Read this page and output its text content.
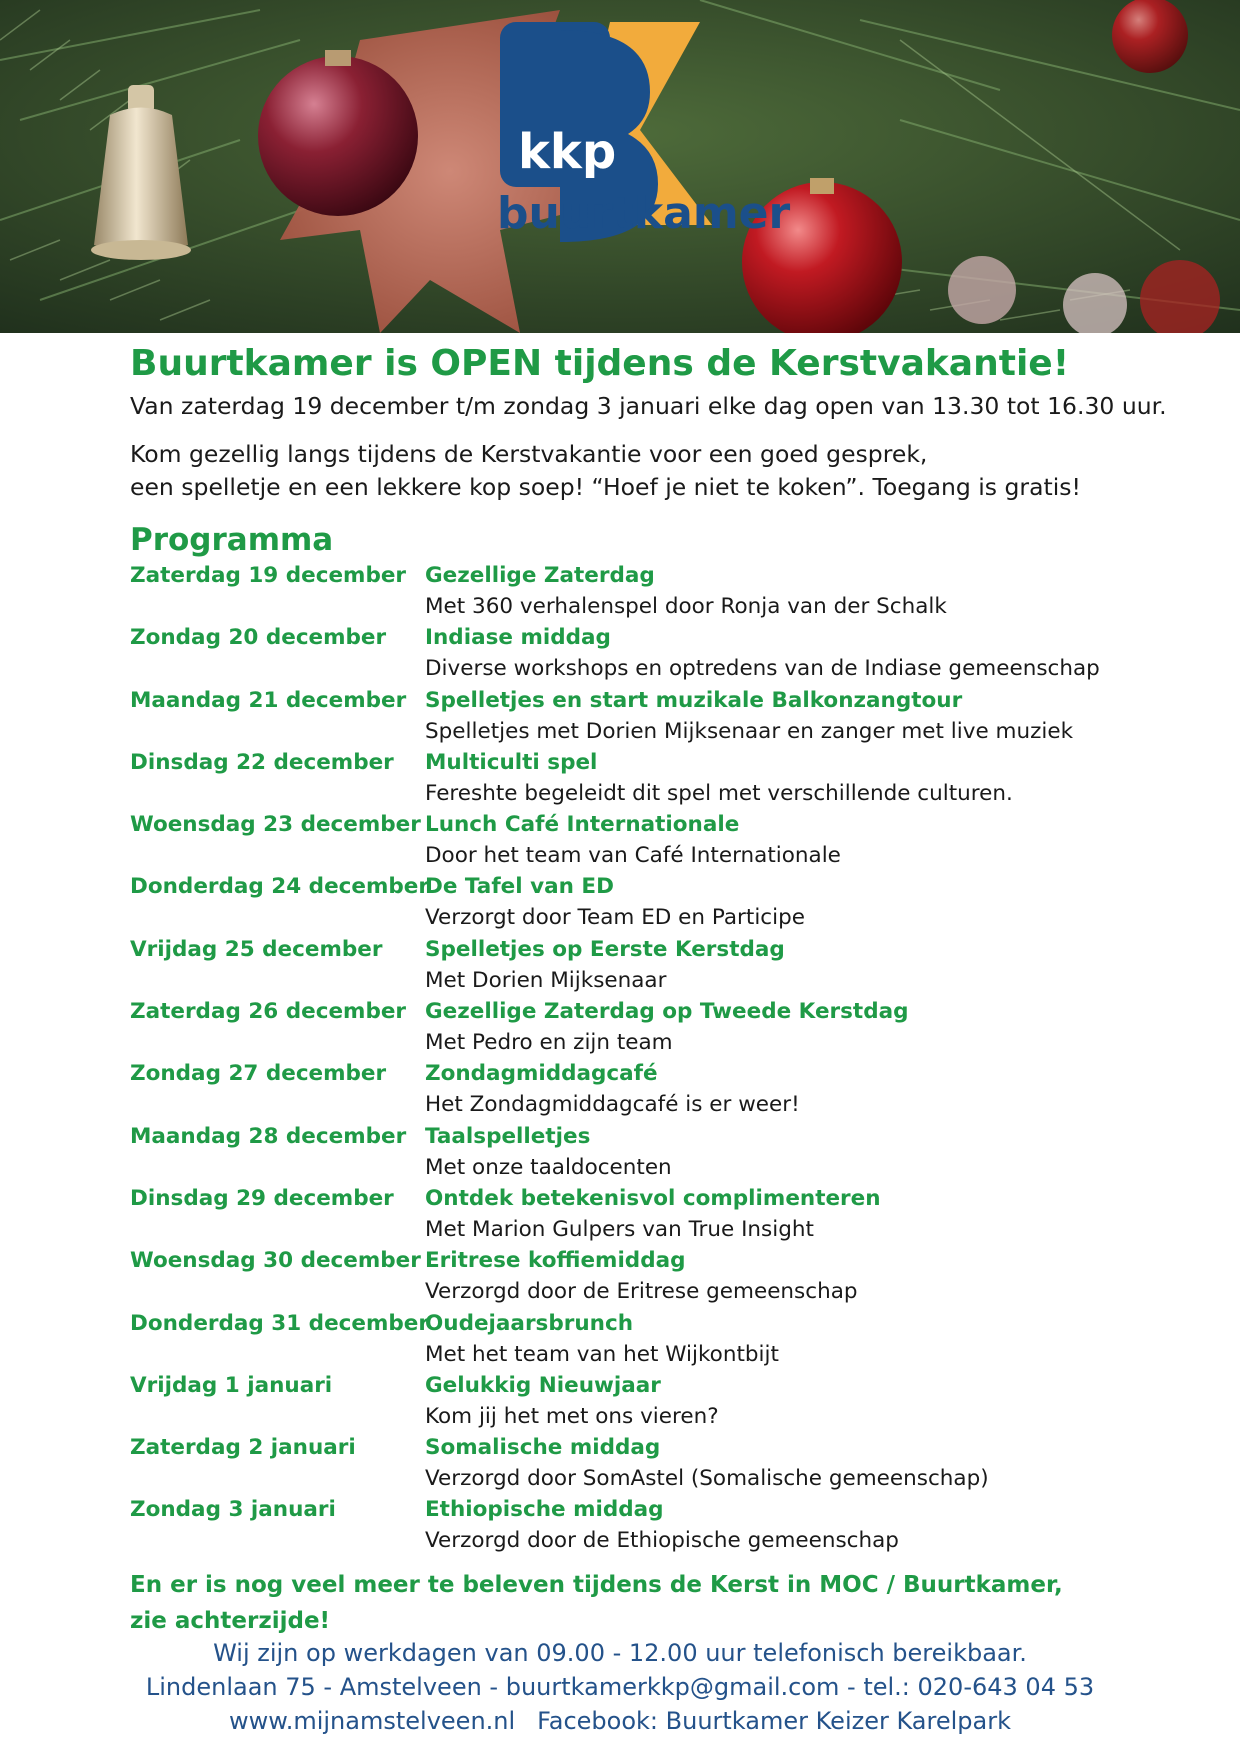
kkp
buurtkamer
Buurtkamer is OPEN tijdens de Kerstvakantie!
Van zaterdag 19 december t/m zondag 3 januari elke dag open van 13.30 tot 16.30 uur.
Kom gezellig langs tijdens de Kerstvakantie voor een goed gesprek,
een spelletje en een lekkere kop soep! “Hoef je niet te koken”. Toegang is gratis!
Programma
Zaterdag 19 december Gezellige Zaterdag
Met 360 verhalenspel door Ronja van der Schalk
Zondag 20 december	Indiase middag
Diverse workshops en optredens van de Indiase gemeenschap
Maandag 21 december Spelletjes en start muzikale Balkonzangtour
Spelletjes met Dorien Mijksenaar en zanger met live muziek
Dinsdag 22 december	Multiculti spel
Fereshte begeleidt dit spel met verschillende culturen.
Woensdag 23 december Lunch Café Internationale
Door het team van Café Internationale
Donderdag 24 december
De Tafel van ED
Verzorgt door Team ED en Participe
Vrijdag 25 december	Spelletjes op Eerste Kerstdag
Met Dorien Mijksenaar
Zaterdag 26 december Gezellige Zaterdag op Tweede Kerstdag
Met Pedro en zijn team
Zondag 27 december	Zondagmiddagcafé
Het Zondagmiddagcafé is er weer!
Maandag 28 december Taalspelletjes
Met onze taaldocenten
Dinsdag 29 december	Ontdek betekenisvol complimenteren
Met Marion Gulpers van True Insight
Woensdag 30 december Eritrese koffiemiddag
Verzorgd door de Eritrese gemeenschap
Donderdag 31 december
Oudejaarsbrunch
Met het team van het Wijkontbijt
Vrijdag 1 januari	Gelukkig Nieuwjaar
Kom jij het met ons vieren?
Zaterdag 2 januari	Somalische middag
Verzorgd door SomAstel (Somalische gemeenschap)
Zondag 3 januari	Ethiopische middag
Verzorgd door de Ethiopische gemeenschap
En er is nog veel meer te beleven tijdens de Kerst in MOC / Buurtkamer,
zie achterzijde!
Wij zijn op werkdagen van 09.00 - 12.00 uur telefonisch bereikbaar.
Lindenlaan 75 - Amstelveen - buurtkamerkkp@gmail.com - tel.: 020-643 04 53
www.mijnamstelveen.nl Facebook: Buurtkamer Keizer Karelpark
